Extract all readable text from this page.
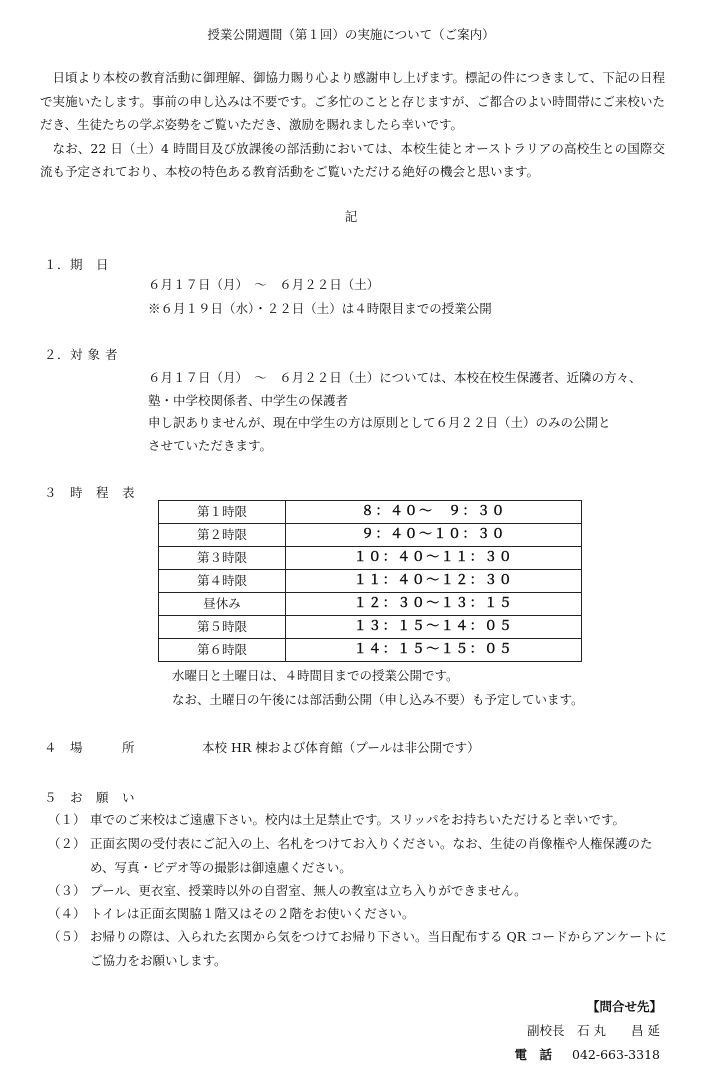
授業公開週間（第１回）の実施について（ご案内）

日頃より本校の教育活動に御理解、御協力賜り心より感謝申し上げます。標記の件につきまして、下記の日程で実施いたします。事前の申し込みは不要です。ご多忙のことと存じますが、ご都合のよい時間帯にご来校いただき、生徒たちの学ぶ姿勢をご覧いただき、激励を賜れましたら幸いです。

なお、22 日（土）4 時間目及び放課後の部活動においては、本校生徒とオーストラリアの高校生との国際交流も予定されており、本校の特色ある教育活動をご覧いただける絶好の機会と思います。

記
１．期　日
６月１７日（月）　～　６月２２日（土）
※６月１９日（水）・２２日（土）は４時限目までの授業公開
２．対 象 者
６月１７日（月）　～　６月２２日（土）については、本校在校生保護者、近隣の方々、
塾・中学校関係者、中学生の保護者
申し訳ありませんが、現在中学生の方は原則として６月２２日（土）のみの公開と
させていただきます。
３　時　程　表
第１時限	８：４０～　９：３０
第２時限	９：４０～１０：３０
第３時限	１０：４０～１１：３０
第４時限	１１：４０～１２：３０
昼休み	１２：３０～１３：１５
第５時限	１３：１５～１４：０５
第６時限	１４：１５～１５：０５
水曜日と土曜日は、４時間目までの授業公開です。
なお、土曜日の午後には部活動公開（申し込み不要）も予定しています。
４　場　　　所	本校 HR 棟および体育館（プールは非公開です）
５　お　願　い
（１） 車でのご来校はご遠慮下さい。校内は土足禁止です。スリッパをお持ちいただけると幸いです。
（２） 正面玄関の受付表にご記入の上、名札をつけてお入りください。なお、生徒の肖像権や人権保護のため、写真・ビデオ等の撮影は御遠慮ください。
（３） プール、更衣室、授業時以外の自習室、無人の教室は立ち入りができません。
（４） トイレは正面玄関脇１階又はその２階をお使いください。
（５） お帰りの際は、入られた玄関から気をつけてお帰り下さい。当日配布する QR コードからアンケートにご協力をお願いします。
【問合せ先】
副校長　石 丸　　昌 延
電　話 042-663-3318
